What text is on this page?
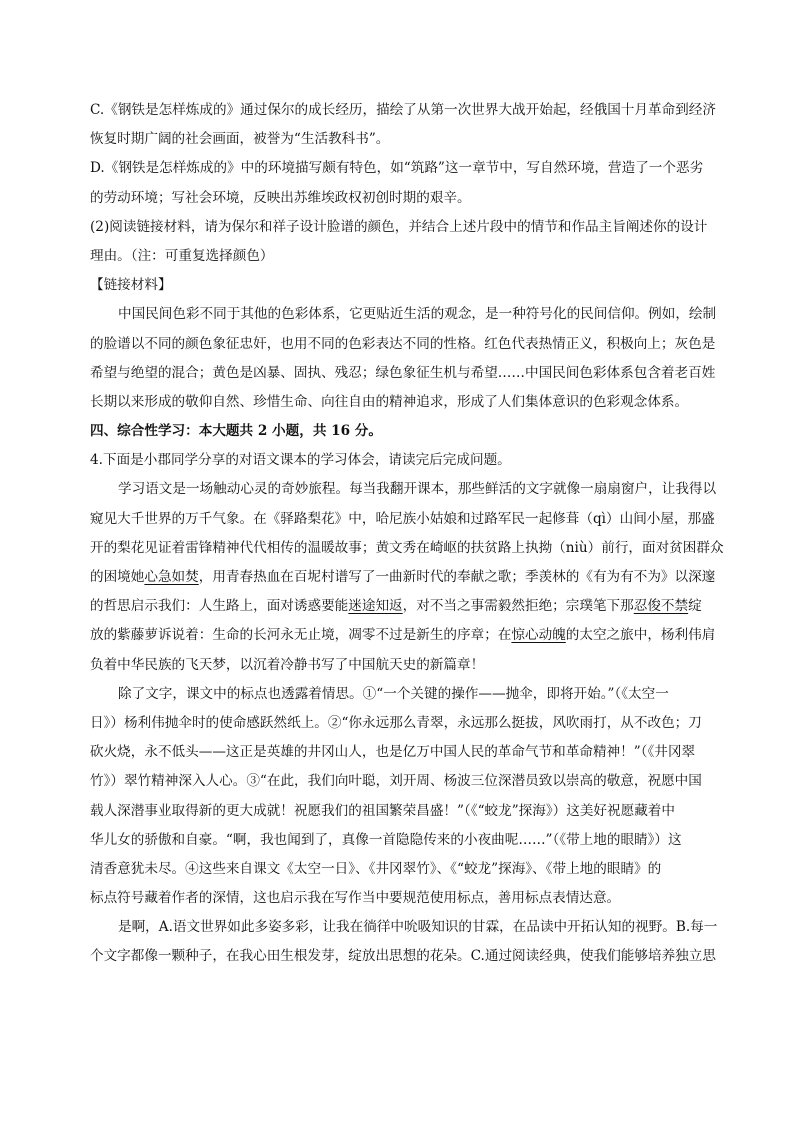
C.《钢铁是怎样炼成的》通过保尔的成长经历，描绘了从第一次世界大战开始起，经俄国十月革命到经济
恢复时期广阔的社会画面，被誉为“生活教科书”。
D.《钢铁是怎样炼成的》中的环境描写颇有特色，如“筑路”这一章节中，写自然环境，营造了一个恶劣
的劳动环境；写社会环境，反映出苏维埃政权初创时期的艰辛。
(2)阅读链接材料，请为保尔和祥子设计脸谱的颜色，并结合上述片段中的情节和作品主旨阐述你的设计
理由。（注：可重复选择颜色）
【链接材料】
中国民间色彩不同于其他的色彩体系，它更贴近生活的观念，是一种符号化的民间信仰。例如，绘制
的脸谱以不同的颜色象征忠奸，也用不同的色彩表达不同的性格。红色代表热情正义，积极向上；灰色是
希望与绝望的混合；黄色是凶暴、固执、残忍；绿色象征生机与希望……中国民间色彩体系包含着老百姓
长期以来形成的敬仰自然、珍惜生命、向往自由的精神追求，形成了人们集体意识的色彩观念体系。
四、综合性学习：本大题共 2 小题，共 16 分。
4.下面是小郡同学分享的对语文课本的学习体会，请读完后完成问题。
学习语文是一场触动心灵的奇妙旅程。每当我翻开课本，那些鲜活的文字就像一扇扇窗户，让我得以
窥见大千世界的万千气象。在《驿路梨花》中，哈尼族小姑娘和过路军民一起修葺（qì）山间小屋，那盛
开的梨花见证着雷锋精神代代相传的温暖故事；黄文秀在崎岖的扶贫路上执拗（niù）前行，面对贫困群众
的困境她心急如焚，用青春热血在百坭村谱写了一曲新时代的奉献之歌；季羡林的《有为有不为》以深邃
的哲思启示我们：人生路上，面对诱惑要能迷途知返，对不当之事需毅然拒绝；宗璞笔下那忍俊不禁绽
放的紫藤萝诉说着：生命的长河永无止境，凋零不过是新生的序章；在惊心动魄的太空之旅中，杨利伟肩
负着中华民族的飞天梦，以沉着冷静书写了中国航天史的新篇章！
除了文字，课文中的标点也透露着情思。①“一个关键的操作——抛伞，即将开始。”（《太空一
日》）杨利伟抛伞时的使命感跃然纸上。②“你永远那么青翠，永远那么挺拔，风吹雨打，从不改色；刀
砍火烧，永不低头——这正是英雄的井冈山人，也是亿万中国人民的革命气节和革命精神！”（《井冈翠
竹》）翠竹精神深入人心。③“在此，我们向叶聪，刘开周、杨波三位深潜员致以崇高的敬意，祝愿中国
载人深潜事业取得新的更大成就！祝愿我们的祖国繁荣昌盛！”（《“蛟龙”探海》）这美好祝愿藏着中
华儿女的骄傲和自豪。“啊，我也闻到了，真像一首隐隐传来的小夜曲呢……”（《带上地的眼睛》）这
清香意犹未尽。④这些来自课文《太空一日》、《井冈翠竹》、《“蛟龙”探海》、《带上地的眼睛》的
标点符号藏着作者的深情，这也启示我在写作当中要规范使用标点，善用标点表情达意。
是啊，A.语文世界如此多姿多彩，让我在徜徉中吮吸知识的甘霖，在品读中开拓认知的视野。B.每一
个文字都像一颗种子，在我心田生根发芽，绽放出思想的花朵。C.通过阅读经典，使我们能够培养独立思
